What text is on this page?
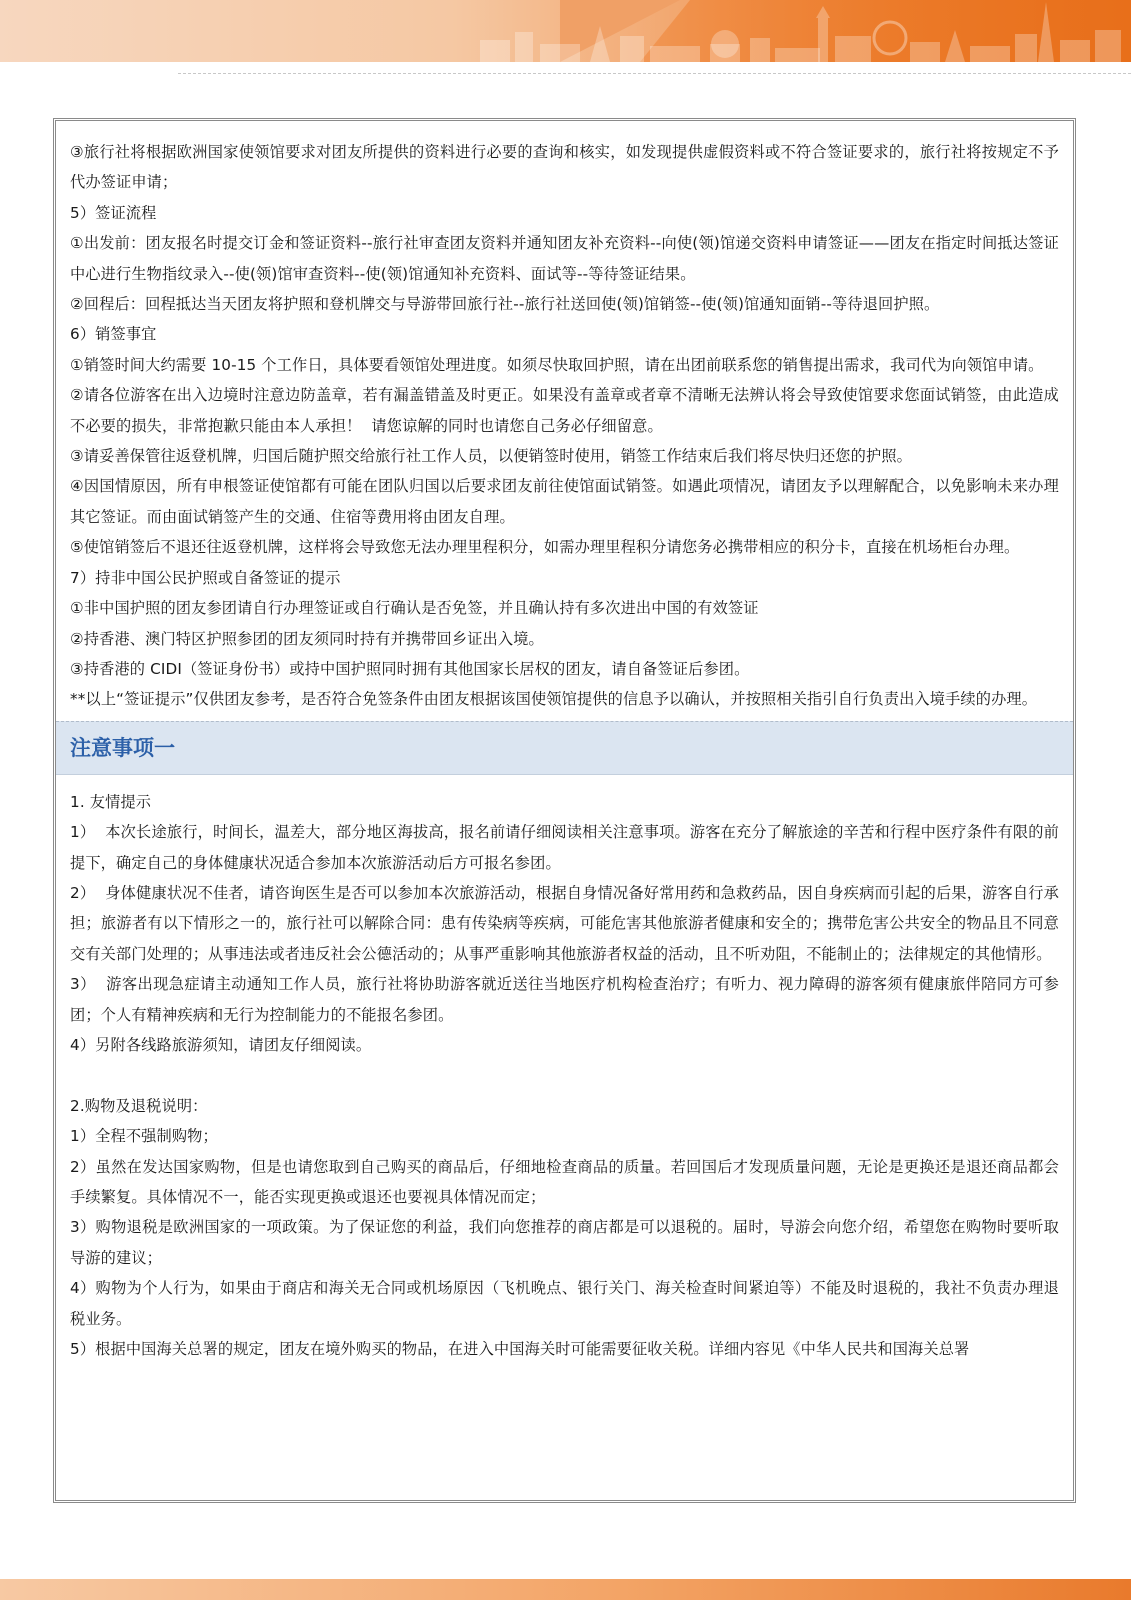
③旅行社将根据欧洲国家使领馆要求对团友所提供的资料进行必要的查询和核实，如发现提供虚假资料或不符合签证要求的，旅行社将按规定不予代办签证申请；

5）签证流程

①出发前：团友报名时提交订金和签证资料--旅行社审查团友资料并通知团友补充资料--向使(领)馆递交资料申请签证——团友在指定时间抵达签证中心进行生物指纹录入--使(领)馆审查资料--使(领)馆通知补充资料、面试等--等待签证结果。

②回程后：回程抵达当天团友将护照和登机牌交与导游带回旅行社--旅行社送回使(领)馆销签--使(领)馆通知面销--等待退回护照。

6）销签事宜

①销签时间大约需要 10-15 个工作日，具体要看领馆处理进度。如须尽快取回护照，请在出团前联系您的销售提出需求，我司代为向领馆申请。

②请各位游客在出入边境时注意边防盖章，若有漏盖错盖及时更正。如果没有盖章或者章不清晰无法辨认将会导致使馆要求您面试销签，由此造成不必要的损失，非常抱歉只能由本人承担！  请您谅解的同时也请您自己务必仔细留意。

③请妥善保管往返登机牌，归国后随护照交给旅行社工作人员，以便销签时使用，销签工作结束后我们将尽快归还您的护照。

④因国情原因，所有申根签证使馆都有可能在团队归国以后要求团友前往使馆面试销签。如遇此项情况，请团友予以理解配合，以免影响未来办理其它签证。而由面试销签产生的交通、住宿等费用将由团友自理。

⑤使馆销签后不退还往返登机牌，这样将会导致您无法办理里程积分，如需办理里程积分请您务必携带相应的积分卡，直接在机场柜台办理。

7）持非中国公民护照或自备签证的提示

①非中国护照的团友参团请自行办理签证或自行确认是否免签，并且确认持有多次进出中国的有效签证

②持香港、澳门特区护照参团的团友须同时持有并携带回乡证出入境。

③持香港的 CIDI（签证身份书）或持中国护照同时拥有其他国家长居权的团友，请自备签证后参团。

**以上“签证提示”仅供团友参考，是否符合免签条件由团友根据该国使领馆提供的信息予以确认，并按照相关指引自行负责出入境手续的办理。

注意事项一

1. 友情提示

1）  本次长途旅行，时间长，温差大，部分地区海拔高，报名前请仔细阅读相关注意事项。游客在充分了解旅途的辛苦和行程中医疗条件有限的前提下，确定自己的身体健康状况适合参加本次旅游活动后方可报名参团。

2）  身体健康状况不佳者，请咨询医生是否可以参加本次旅游活动，根据自身情况备好常用药和急救药品，因自身疾病而引起的后果，游客自行承担；旅游者有以下情形之一的，旅行社可以解除合同：患有传染病等疾病，可能危害其他旅游者健康和安全的；携带危害公共安全的物品且不同意交有关部门处理的；从事违法或者违反社会公德活动的；从事严重影响其他旅游者权益的活动，且不听劝阻，不能制止的；法律规定的其他情形。

3）  游客出现急症请主动通知工作人员，旅行社将协助游客就近送往当地医疗机构检查治疗；有听力、视力障碍的游客须有健康旅伴陪同方可参团；个人有精神疾病和无行为控制能力的不能报名参团。

4）另附各线路旅游须知，请团友仔细阅读。

2.购物及退税说明：

1）全程不强制购物；

2）虽然在发达国家购物，但是也请您取到自己购买的商品后，仔细地检查商品的质量。若回国后才发现质量问题，无论是更换还是退还商品都会手续繁复。具体情况不一，能否实现更换或退还也要视具体情况而定；

3）购物退税是欧洲国家的一项政策。为了保证您的利益，我们向您推荐的商店都是可以退税的。届时，导游会向您介绍，希望您在购物时要听取导游的建议；

4）购物为个人行为，如果由于商店和海关无合同或机场原因（飞机晚点、银行关门、海关检查时间紧迫等）不能及时退税的，我社不负责办理退税业务。

5）根据中国海关总署的规定，团友在境外购买的物品，在进入中国海关时可能需要征收关税。详细内容见《中华人民共和国海关总署
